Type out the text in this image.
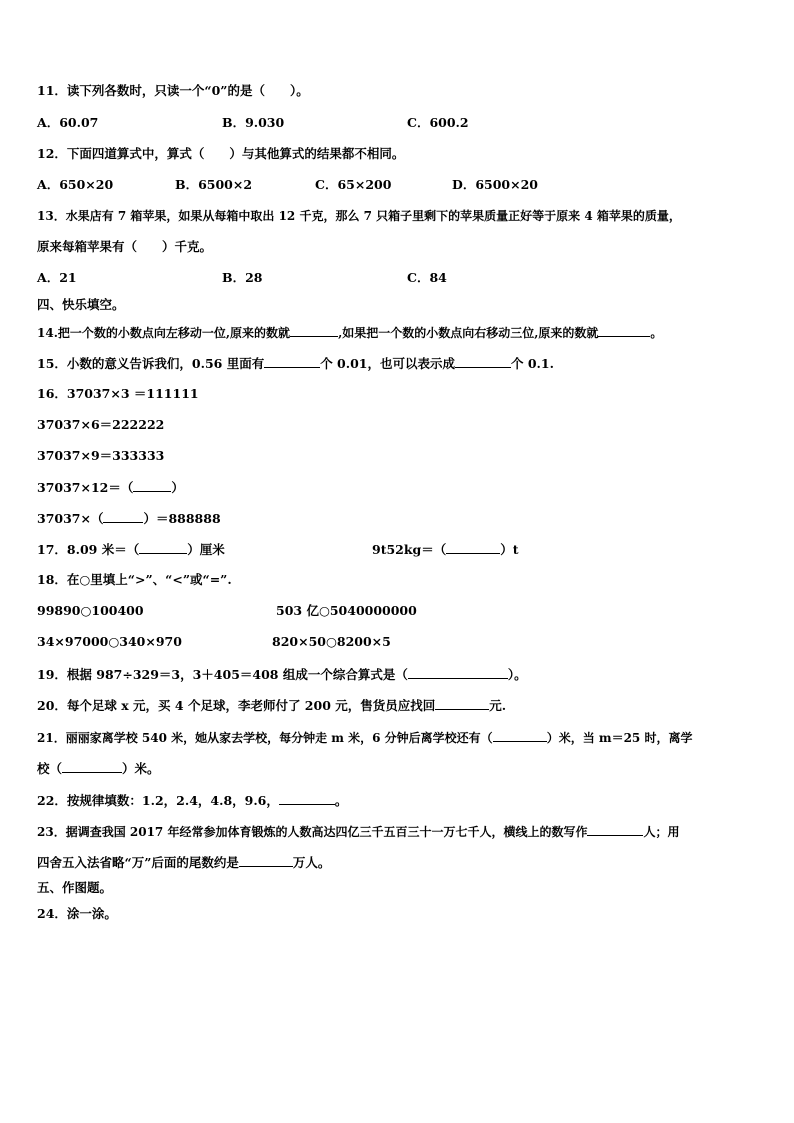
11．读下列各数时，只读一个“0”的是（　　）。
A．60.07	B．9.030	C．600.2
12．下面四道算式中，算式（　　）与其他算式的结果都不相同。
A．650×20	B．6500×2	C．65×200	D．6500×20
13．水果店有 7 箱苹果，如果从每箱中取出 12 千克，那么 7 只箱子里剩下的苹果质量正好等于原来 4 箱苹果的质量，
原来每箱苹果有（　　）千克。
A．21	B．28	C．84
四、快乐填空。
14.把一个数的小数点向左移动一位,原来的数就	,如果把一个数的小数点向右移动三位,原来的数就	。
15．小数的意义告诉我们，0.56 里面有	个 0.01，也可以表示成	个 0.1.
16．37037×3 ＝111111
37037×6＝222222
37037×9＝333333
37037×12＝（	）
37037×（	）＝888888
17．8.09 米＝（	）厘米	9t52kg＝（	）t
18．在○里填上“>”、“<”或“=”.
99890○100400	503 亿○5040000000
34×97000○340×970	820×50○8200×5
19．根据 987÷329＝3，3＋405＝408 组成一个综合算式是（	）。
20．每个足球 x 元，买 4 个足球，李老师付了 200 元，售货员应找回	元.
21．丽丽家离学校 540 米，她从家去学校，每分钟走 m 米，6 分钟后离学校还有（	）米，当 m＝25 时，离学
校（	）米。
22．按规律填数：1.2，2.4，4.8，9.6，	。
23．据调查我国 2017 年经常参加体育锻炼的人数高达四亿三千五百三十一万七千人，横线上的数写作	人；用
四舍五入法省略“万”后面的尾数约是	万人。
五、作图题。
24．涂一涂。
